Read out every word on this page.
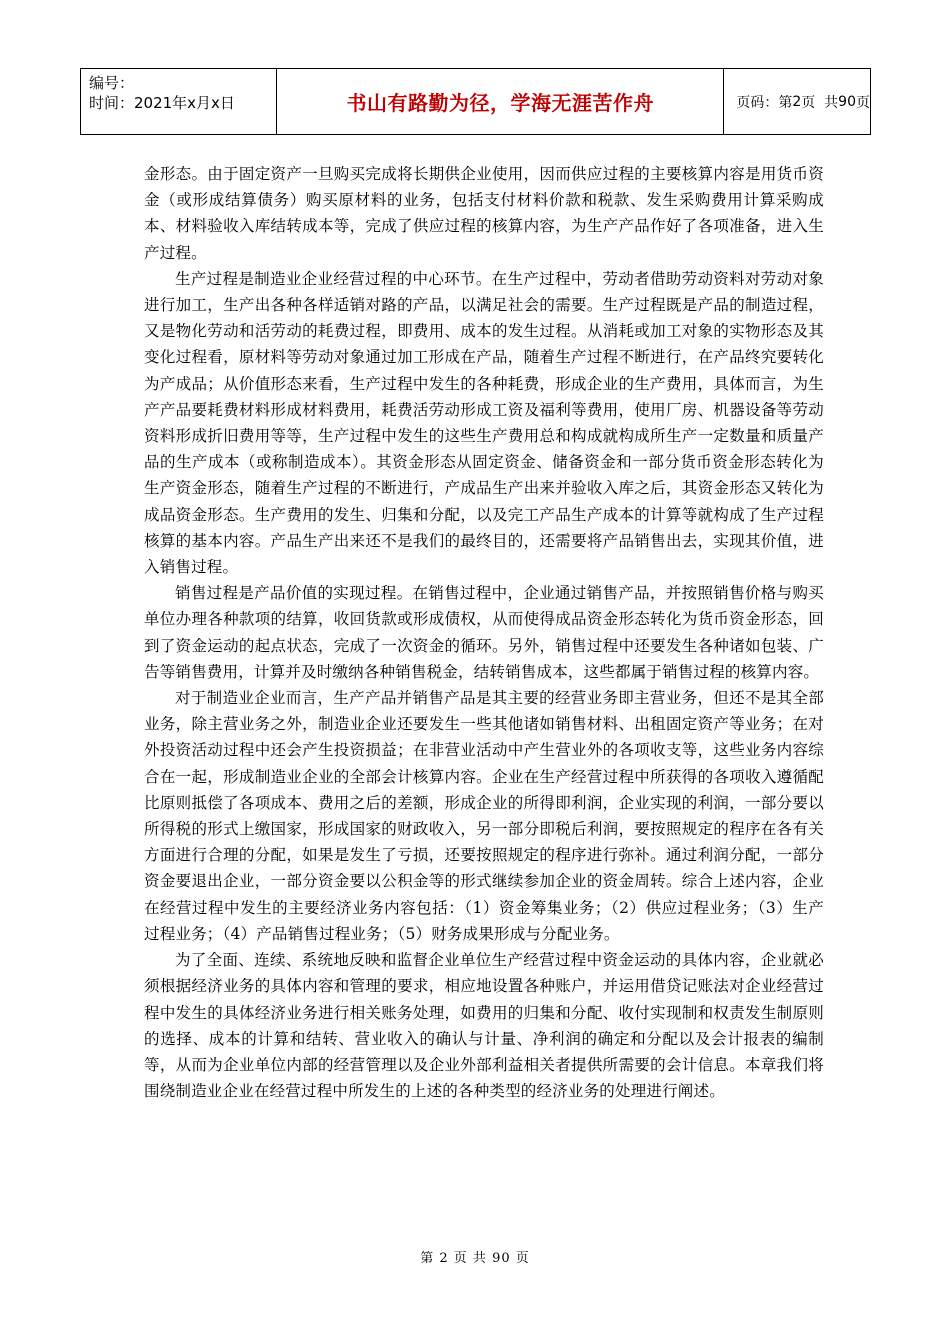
编号：
时间：2021年x月x日	书山有路勤为径，学海无涯苦作舟	页码：第 2 页  共 90 页

金形态。由于固定资产一旦购买完成将长期供企业使用，因而供应过程的主要核算内容是用货币资金（或形成结算债务）购买原材料的业务，包括支付材料价款和税款、发生采购费用计算采购成本、材料验收入库结转成本等，完成了供应过程的核算内容，为生产产品作好了各项准备，进入生产过程。

生产过程是制造业企业经营过程的中心环节。在生产过程中，劳动者借助劳动资料对劳动对象进行加工，生产出各种各样适销对路的产品，以满足社会的需要。生产过程既是产品的制造过程，又是物化劳动和活劳动的耗费过程，即费用、成本的发生过程。从消耗或加工对象的实物形态及其变化过程看，原材料等劳动对象通过加工形成在产品，随着生产过程不断进行，在产品终究要转化为产成品；从价值形态来看，生产过程中发生的各种耗费，形成企业的生产费用，具体而言，为生产产品要耗费材料形成材料费用，耗费活劳动形成工资及福利等费用，使用厂房、机器设备等劳动资料形成折旧费用等等，生产过程中发生的这些生产费用总和构成就构成所生产一定数量和质量产品的生产成本（或称制造成本）。其资金形态从固定资金、储备资金和一部分货币资金形态转化为生产资金形态，随着生产过程的不断进行，产成品生产出来并验收入库之后，其资金形态又转化为成品资金形态。生产费用的发生、归集和分配，以及完工产品生产成本的计算等就构成了生产过程核算的基本内容。产品生产出来还不是我们的最终目的，还需要将产品销售出去，实现其价值，进入销售过程。

销售过程是产品价值的实现过程。在销售过程中，企业通过销售产品，并按照销售价格与购买单位办理各种款项的结算，收回货款或形成债权，从而使得成品资金形态转化为货币资金形态，回到了资金运动的起点状态，完成了一次资金的循环。另外，销售过程中还要发生各种诸如包装、广告等销售费用，计算并及时缴纳各种销售税金，结转销售成本，这些都属于销售过程的核算内容。

对于制造业企业而言，生产产品并销售产品是其主要的经营业务即主营业务，但还不是其全部业务，除主营业务之外，制造业企业还要发生一些其他诸如销售材料、出租固定资产等业务；在对外投资活动过程中还会产生投资损益；在非营业活动中产生营业外的各项收支等，这些业务内容综合在一起，形成制造业企业的全部会计核算内容。企业在生产经营过程中所获得的各项收入遵循配比原则抵偿了各项成本、费用之后的差额，形成企业的所得即利润，企业实现的利润，一部分要以所得税的形式上缴国家，形成国家的财政收入，另一部分即税后利润，要按照规定的程序在各有关方面进行合理的分配，如果是发生了亏损，还要按照规定的程序进行弥补。通过利润分配，一部分资金要退出企业，一部分资金要以公积金等的形式继续参加企业的资金周转。综合上述内容，企业在经营过程中发生的主要经济业务内容包括：（1）资金筹集业务；（2）供应过程业务；（3）生产过程业务；（4）产品销售过程业务；（5）财务成果形成与分配业务。

为了全面、连续、系统地反映和监督企业单位生产经营过程中资金运动的具体内容，企业就必须根据经济业务的具体内容和管理的要求，相应地设置各种账户，并运用借贷记账法对企业经营过程中发生的具体经济业务进行相关账务处理，如费用的归集和分配、收付实现制和权责发生制原则的选择、成本的计算和结转、营业收入的确认与计量、净利润的确定和分配以及会计报表的编制等，从而为企业单位内部的经营管理以及企业外部利益相关者提供所需要的会计信息。本章我们将围绕制造业企业在经营过程中所发生的上述的各种类型的经济业务的处理进行阐述。

第 2 页 共 90 页
